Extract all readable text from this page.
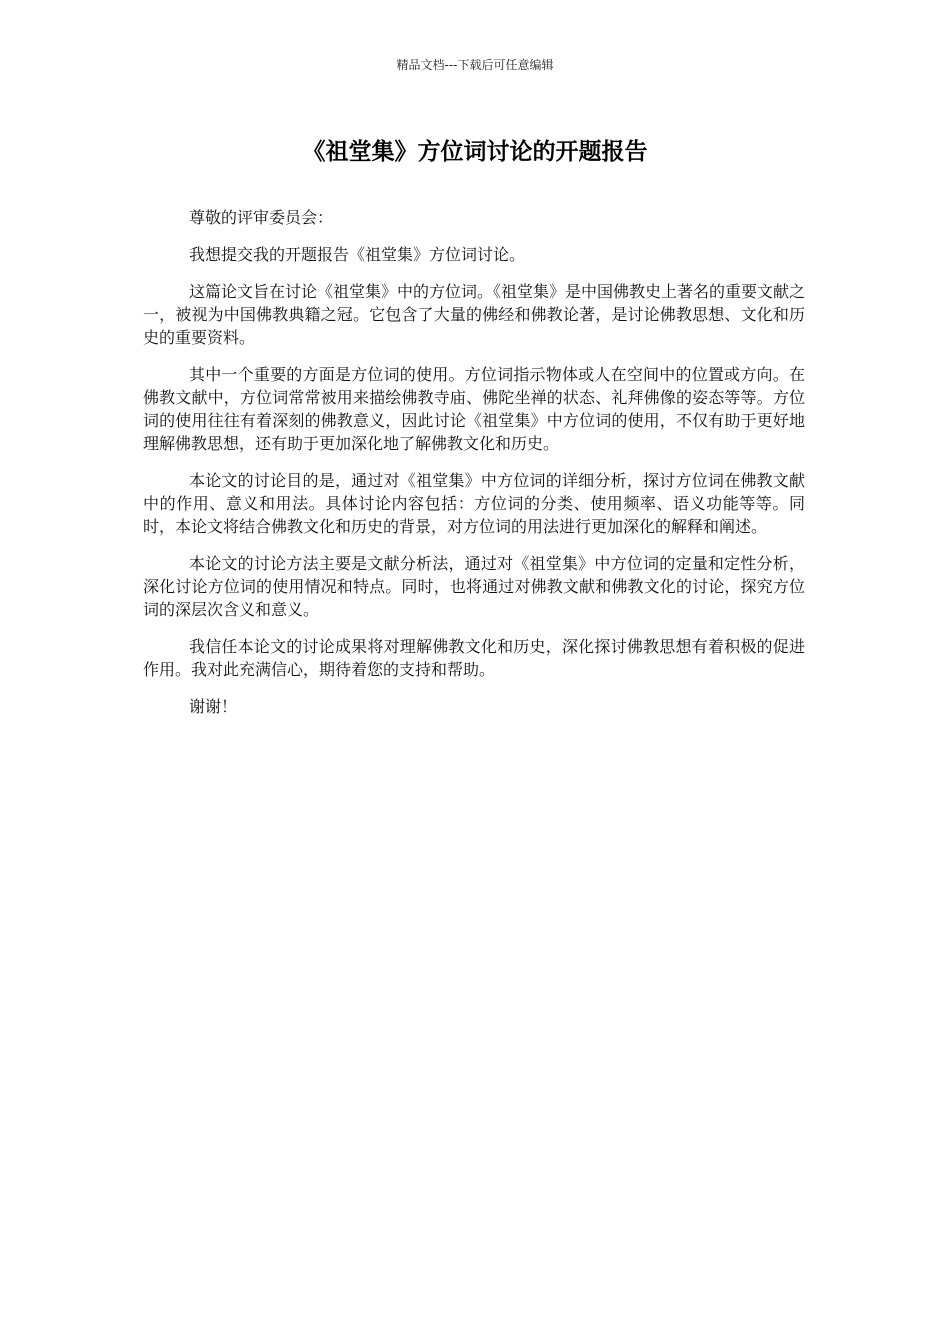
精品文档---下载后可任意编辑
《祖堂集》方位词讨论的开题报告

尊敬的评审委员会：

我想提交我的开题报告《祖堂集》方位词讨论。

这篇论文旨在讨论《祖堂集》中的方位词。《祖堂集》是中国佛教史上著名的重要文献之一，被视为中国佛教典籍之冠。它包含了大量的佛经和佛教论著，是讨论佛教思想、文化和历史的重要资料。

其中一个重要的方面是方位词的使用。方位词指示物体或人在空间中的位置或方向。在佛教文献中，方位词常常被用来描绘佛教寺庙、佛陀坐禅的状态、礼拜佛像的姿态等等。方位词的使用往往有着深刻的佛教意义，因此讨论《祖堂集》中方位词的使用，不仅有助于更好地理解佛教思想，还有助于更加深化地了解佛教文化和历史。

本论文的讨论目的是，通过对《祖堂集》中方位词的详细分析，探讨方位词在佛教文献中的作用、意义和用法。具体讨论内容包括：方位词的分类、使用频率、语义功能等等。同时，本论文将结合佛教文化和历史的背景，对方位词的用法进行更加深化的解释和阐述。

本论文的讨论方法主要是文献分析法，通过对《祖堂集》中方位词的定量和定性分析，深化讨论方位词的使用情况和特点。同时，也将通过对佛教文献和佛教文化的讨论，探究方位词的深层次含义和意义。

我信任本论文的讨论成果将对理解佛教文化和历史，深化探讨佛教思想有着积极的促进作用。我对此充满信心，期待着您的支持和帮助。

谢谢！
